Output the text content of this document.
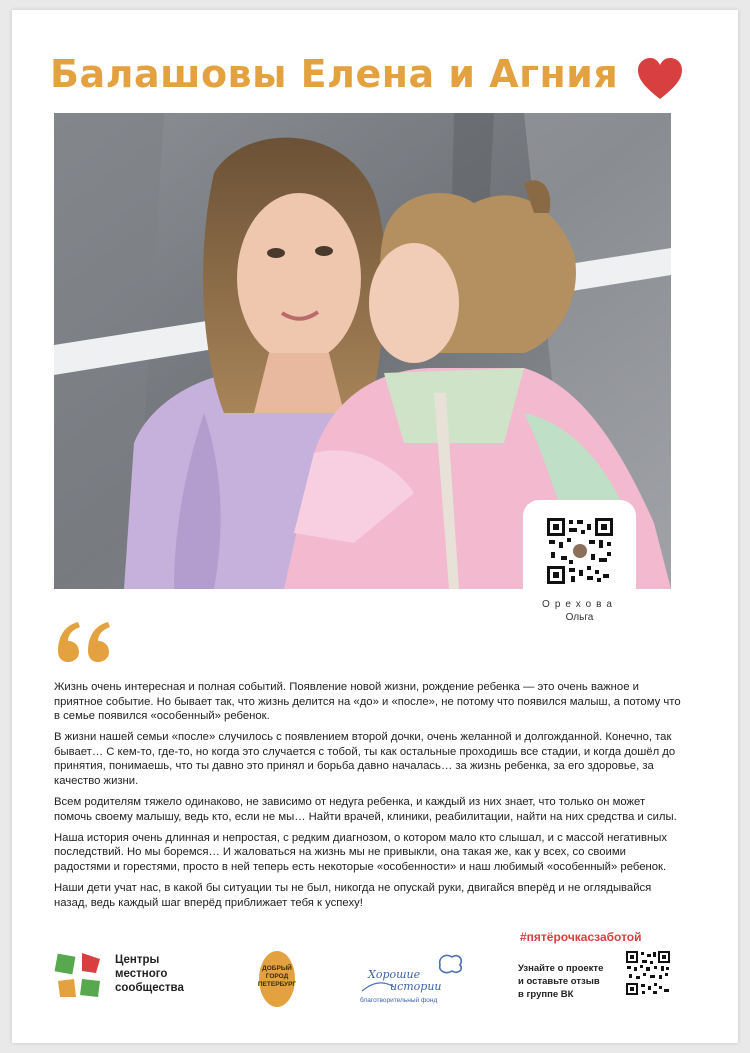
Балашовы Елена и Агния
Орехова
Ольга

Жизнь очень интересная и полная событий. Появление новой жизни, рождение ребенка — это очень важное и приятное событие. Но бывает так, что жизнь делится на «до» и «после», не потому что появился малыш, а потому что в семье появился «особенный» ребенок.

В жизни нашей семьи «после» случилось с появлением второй дочки, очень желанной и долгожданной. Конечно, так бывает… С кем-то, где-то, но когда это случается с тобой, ты как остальные проходишь все стадии, и когда дошёл до принятия, понимаешь, что ты давно это принял и борьба давно началась… за жизнь ребенка, за его здоровье, за качество жизни.

Всем родителям тяжело одинаково, не зависимо от недуга ребенка, и каждый из них знает, что только он может помочь своему малышу, ведь кто, если не мы… Найти врачей, клиники, реабилитации, найти на них средства и силы.

Наша история очень длинная и непростая, с редким диагнозом, о котором мало кто слышал, и с массой негативных последствий. Но мы боремся… И жаловаться на жизнь мы не привыкли, она такая же, как у всех, со своими радостями и горестями, просто в ней теперь есть некоторые «особенности» и наш любимый «особенный» ребенок.

Наши дети учат нас, в какой бы ситуации ты не был, никогда не опускай руки, двигайся вперёд и не оглядывайся назад, ведь каждый шаг вперёд приближает тебя к успеху!

#пятёрочкасзаботой
Центры
местного
сообщества
ДОБРЫЙ
ГОРОД
ПЕТЕРБУРГ
Хорошие
истории
благотворительный фонд
Узнайте о проекте
и оставьте отзыв
в группе ВК
